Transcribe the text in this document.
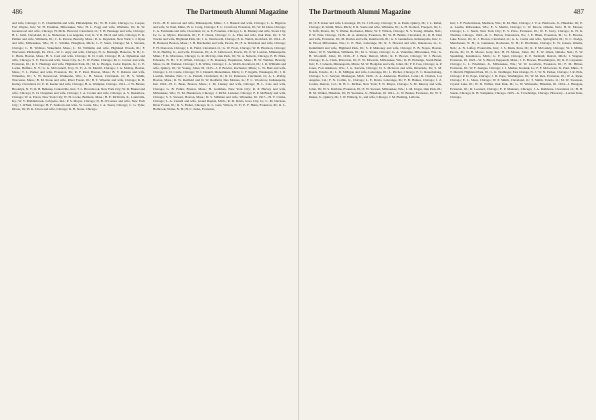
486	The Dartmouth Alumni Magazine

and wife, Chicago; C. E. Chamberlin and wife, Philadelphia, Pa.; W. H. Cobb, Chicago; G. Cooper, Fort Wayne, Ind.; W. H. Eastman, Milwaukee, Wis.; H. L. Fogg and wife, Wilmette, Ill.; D. W. Greenwood and wife, Chicago; H. McK. Howard, Cleveland, O.; T. H. Hennage and wife, Chicago; H. L. Judd, Cleveland, O.; A. Nickerson, Los Angeles, Cal.; K. V. R. Nicol and wife, Chicago; E. R. Palmer and wife, Wilmette, Ill.; C. K. Pevear, Beverly, Mass.; R. G. Reynolds, New York; J. J. Ryan and wife, Milwaukee, Wis.; H. C. Schalks, Houghton, Mich.; L. F. Stern, Chicago; M. I. Stevens, Chicago; L. B. Wallace, Wakefield, Mass.; L. M. Williams and wife, Highland Woods, Ill.; F. Worcester, Pittsburgh, Pa. 1911—W. C. Agry and wife, Chicago; N. G. Burleigh, Hanover, N. H.; C. C. Butts, Boston, Mass.; H. S. Card and wife, Chicago; D. D. Craft, Chicago; H. A. Dykeman and wife, Chicago; S. E. Eaton and wife, Sioux City, Ia.; E. W. Fuller, Chicago; M. C. Grover and wife, Evanston, Ill.; R. T. Hastings and wife, Highland Park, Ill.; M. G. Hodges, Cedar Rapids, Ia.; C. E. Locke, Buffalo, N. Y.; G. G. McConnell, Troy, N. Y.; A. D. Merrill, Chicago; J. A. Mollay, Boston, Mass.; T. L. Parker and wife, Evanston, Ill.; R. F. Paul, Boston, Mass.; B. V. Ralston and wife, Winnetka, Ill.; S. W. Rosewood, Waukesha, Wis.; L. H. Sisson, Cincinnati, O.; H. S. Smith, Worcester, Mass.; B. M. Stone and wife, River Forest, Ill.; B. T. Wheeler and wife, Chicago; R. B. Kerley, Cleveland, O.; E. R. Keeler and wife, Chicago; H. A. Wampler, Chicago. 1912—J. W. Baxter, Brooklyn, N. Y.; R. B. Belknap, Centerville, Ind.; T. L. Bracebrook, New York City; W. D. Brunel and wife, Chicago; E. D. Chapman and wife, Chicago; J. A. Cronin and wife, Chicago; A. S. Densmore, Chicago; W. A. Eaton, New York City; W. H. Locke, Belmont, Mass.; H. E. McIlvain, Jr., Louisville, Ky.; W. V. Middlebrook, Lafayette, Ind.; P. S. Moyer, Chicago; D. B. O'Connor and wife, New York City; J. O'Neil, Chicago; H. F. Sanborn and wife, St. Louis, Mo.; J. A. Steen, Chicago; C. G. Tyler, Dixon, Ill.; H. K. Urion and wife, Chicago; R. H. Stone, Chicago.

1913—H. E. Atwood and wife, Minneapolis, Minn.; J. J. Barnett and wife, Chicago; L. G. Bigelow and wife, St. Paul, Minn.; B. G. Craig, Chicago; E. C. Crawford, Evanston, Ill.; W. M. Dent, Chicago; C. A. Fairbanks and wife, Cleveland, O.; A. E. Foreman, Chicago; L. R. Manley and wife, Sioux City, Ia.; G. A. Myers, Riverside, Ill.; F. F. Owen, Chicago; C. A. Pfau and wife, Oak Park, Ill.; T. W. Towler and wife, Highland Park, Ill.; J. G. Wentworth, Chicago; E. K. Welch, Rockford, Ill. 1914—E. H. Barnard, Boston, Mass.; J. H. Batchelder and wife, Peoria, Ill.; F. A. Davidson and wife, Chicago; F. H. Donovan, Chicago; J. R. Field, Cleveland, O.; G. W. Frost, Chicago; W. B. Harrison, Chicago; W. R. Herlihy, Jr., and wife, Evanston, Ill.; A. P. Littlewood, Peoria, Ill.; P. W. London, Minneapolis, Minn.; F. K. Marcussa, Chicago; G. R. McClay, Oak Park, Ill.; W. A. Nebeck, Chicago; E. H. Niles, Edwards, N. H.; T. P. O'Neil, Chicago; J. B. Rounsey, Hopkinton, Mass.; H. W. Webber, Beverly, Mass.; G. M. Webster, Chicago; I. D. White, Chicago; C. A. Welch, Rockford, Ill.; J. R. Williams and wife, Quincy, Ill.; W. Young, Joliet, Ill. 1915—J. P. Bowler, Rochester, Minn.; L. W. Burt and wife, Chicago; L. D. Castle, Chicago; W. I. Daniell, Menominee, Mich.; C. F. Ingalls, Waukegan, Ill.; J. D. Loomis, Omaha, Neb.; C. A. Parnell, Cincinnati, O.; R. D. Patterson, Cincinnati, O.; A. L. Priddy, Boston, Mass.; R. W. Redfield and D. W. Redfield, Des Moines, Ia.; F. C. Woodrow, Indianapolis, Ind. 1916—H. C. Bean, Boston, Mass.; J. M. Cheney and wife, Chicago; H. L. Cole and wife, Chicago; G. B. Fuller, Boston, Mass.; H. Goldman, New York City; R. P. Harvey and wife, Milwaukee, Wis.; N. M. Henderson, Chicago; J. McM. Lariener, Chicago; F. P. McBrady and wife, Chicago; S. S. Stewart, Boston, Mass.; D. S. Stillman and wife, Winnetka, Ill. 1917—H. V. Clarke, Chicago; L. A. Carnell and wife, Grand Rapids, Mich.; R. D. Davis, Iowa City, Ia.; C. M. Davison, River Forest, Ill.; R. S. Fisher, Chicago; R. L. Gale, Wilson, N. Y.; E. F. Hahn, Evanston, Ill.; R. L. Holbrook, Nome, N. H.; H. C. Jacks, Evanston,

The Dartmouth Alumni Magazine	487

Ill.; P. E. Kiser and wife, LaGrange, Ill.; D. J. O'Leary, Chicago; N. A. Pauls, Quincy, Ill.; J. L. Rabel, Chicago; R. Smith, Niles, Mich.; P. R. Soule and wife, Wilmette, Ill.; A. H. Stomrof, Freeport, Ill.; L. V. Tefft, Peoria, Ill.; V. Walter, Rochester, Minn.; W. T. Wilson, Chicago; N. S. Young, Omaha, Neb.; P. W. Trier, Chicago. 1918—R. A. Alabron, Evanston, Ill.; W. H. Bemis, Cleveland, O.; R. B. Dart and wife, Evanston, Ill.; M. Davies and wife, Kenilworth, Ill.; A. S. Gunnufson, Indianapolis, Ind.; C. R. Hood, Milwaukee, Wis.; C. E. Hort, LaGrange, Ill.; R. S. Howard and wife, Oskaloosa, Ia.; C. Kemmlield and wife, Highland Park, Ill.; S. P. Mahoney and wife, Chicago; E. B. Noyes, Boston, Mass.; W. E. Shellman, Wilmette, Ill.; M. L. Straus, Chicago; G. A. Valentine, Milwaukee, Wis.; G. H. Woodruff, Joliet, Ill. 1919—F. J. Bear, Detroit, Mich.; R. E. Brown, Chicago; W. J. Brown, Chicago; R. A. Clark, Princeton, Ill.; E. W. Edwards, Milwaukee, Wis.; D. H. Eldredge, South Bend, Ind.; E. J. Glueck, Minneapolis, Minn.; M. W. Hodgdon and wife, Joliet, Ill.; F. P. Ives, Chicago; A. P. Jones, Fort Atkinson, Wis.; J. G. Kerwin, Chicago; D. S. McGraw and wife, Riverside, Ill.; S. M. Rands, Toledo, O.; L. D. Milligan and wife, LaGrange, Ill.; L. Pitcher, Chicago; E. C. Rauschaburg, Chicago; S. C. Sawyer, Muskegon, Mich. 1920—S. A. Anderson, Hartford, Conn.; R. Charles, Los Angeles, Cal.; F. N. Corbin, Jr., Chicago; L. E. Davis, LaGrange, Ill.; F. B. Haines, Chicago; J. Z. Jordan, Denver, Col.; D. H. C. McRae, New York; F. N. Mayer, Chicago; S. M. Murray and wife, Joliet, Ill.; W. S. Robbins, Evanston, Ill.; E. W. Stewart, Milwaukee, Wis.; L. M. Ungar, Oak Park, Ill.; H. M. Walker, Hinsdale, Ill.; H. Yeomans, Jr., Hinsdale, Ill. 1921—C. W. Barker, Evanston, Ill.; W. T. Dukes, Jr., Quincy, Ill.; J. W. Emberg, Jr., and wife, Chicago; J. M. Fleming, LaPorte,

Ind.; J. F. Frederickson, Madison, Wis.; R. M. Hart, Chicago; J. V. A. Hasbrook, Jr., Hinsdale, Ill.; E. A. Leedle, Milwaukee, Wis.; E. S. Martin, Chicago; C. W. Moore, Omaha, Neb.; H. R. Mosser, Chicago; L. J. Nardi, New York City; E. S. Price, Evanston, Ill.; W. E. Terry, Chicago; K. H. K. Thomas, Chicago. 1922—R. C. Barton, Uniontown, Pa.; J. E. Blunt, Evanston, Ill.; G. E. Brooks, Lake Forest, Ill.; R. J. Brown, Cleveland, O.; A. G. Curtis and wife, Springfield, Ill.; N. C. Dodge, Manchester, N. H.; A. Gunnison, Rochester, N. H.; E. Hochlden, Chicago; E. W. Jensen, Omaha, Neb.; A. N. Laffey, Evansville, Ind.; J. S. Main, Peru, Ill.; R. P. McCaskly, Chicago; W. I. Miller, Peoria, Ill.; D. B. Moore, Gary, Ind.; H. H. Moses, Joliet, Ill.; E. W. Olsen, Omaha, Neb.; E. W. Spaulding, Kalamazoo, Mich.; G. F. Spiel, Chicago; R. P. Turnbull, Detroit, Mich.; I. Wagner, Evanston, Ill. 1923—W. S. Blood, Pepperell, Mass.; J. E. Bowen, Bloomington, Ill.; R. P. Carpenter, Chicago; L. L. Friedman, Jr., Milwaukee, Wis.; W. W. Goodwin, Evanston, Ill.; F. M. Hilton, Evanston, Ill.; W. F. Jaenges, Chicago; J. I. Mather, Keokuk, Ia.; F. F. McGowan, St. Paul, Minn.; T. T. Merrill, Highland Park, Ill.; L. K. Nedlinger, East Orange, N. J.; W. N. Parker, Chicago; J. R. Pick, Chicago; P. D. Pope, Chicago; J. D. Pope, Washington, Ill.; W. M. Rex, Evanston, Ill.; W. A. Ryan, Chicago; E. L. Shaw, Chicago; W. P. Smith, Cleveland, O.; T. Smith, Toledo, O.; M. W. Swenson, Crystal Lake, Ill.; W. D. Wilbur, Oak Park, Ill.; G. W. Whiteside, Hinsdale, Ill. 1924—J. Hungate, Evanston, Ill.; D. Leonard, Chicago; E. P. Manners, Chicago; J. A. Rathbone, Cleveland, O.; H. B. Steele, Chicago; R. H. Tompkins, Chicago. 1925—G. Trowbridge, Chicago. Honorary—Lucius Teter, Chicago.
